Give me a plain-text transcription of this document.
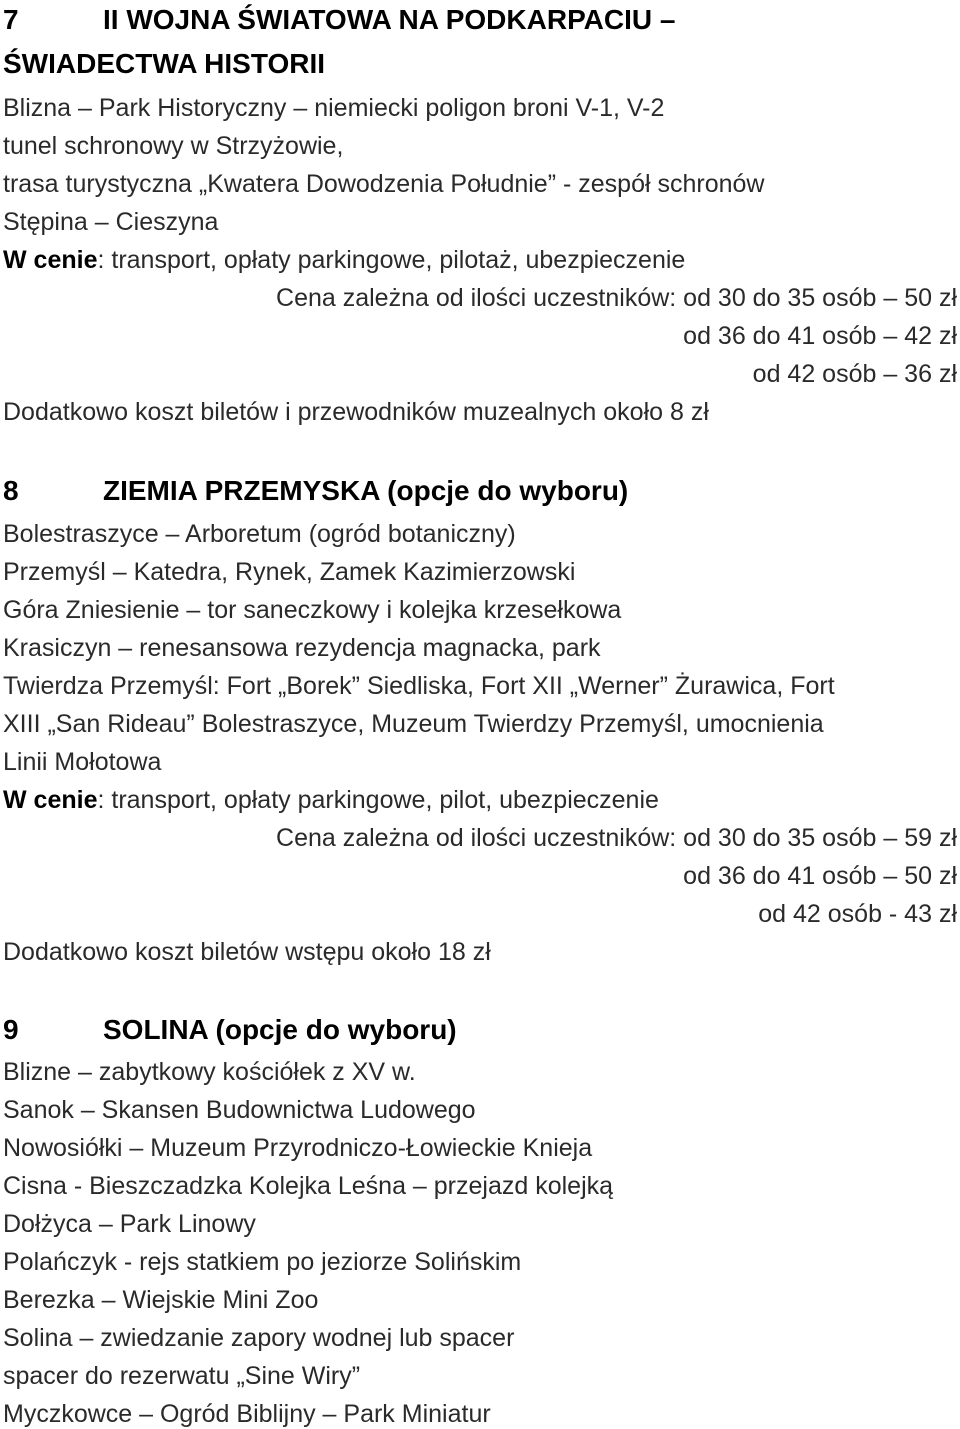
7	II WOJNA ŚWIATOWA NA PODKARPACIU –
ŚWIADECTWA HISTORII
Blizna – Park Historyczny – niemiecki poligon broni V-1, V-2
tunel schronowy w Strzyżowie,
trasa turystyczna „Kwatera Dowodzenia Południe” - zespół schronów
Stępina – Cieszyna
W cenie: transport, opłaty parkingowe, pilotaż, ubezpieczenie
Cena zależna od ilości uczestników: od 30 do 35 osób – 50 zł
od 36 do 41 osób – 42 zł
od 42 osób – 36 zł
Dodatkowo koszt biletów i przewodników muzealnych około 8 zł
8	ZIEMIA PRZEMYSKA (opcje do wyboru)
Bolestraszyce – Arboretum (ogród botaniczny)
Przemyśl – Katedra, Rynek, Zamek Kazimierzowski
Góra Zniesienie – tor saneczkowy i kolejka krzesełkowa
Krasiczyn – renesansowa rezydencja magnacka, park
Twierdza Przemyśl: Fort „Borek” Siedliska, Fort XII „Werner” Żurawica, Fort
XIII „San Rideau” Bolestraszyce, Muzeum Twierdzy Przemyśl, umocnienia
Linii Mołotowa
W cenie: transport, opłaty parkingowe, pilot, ubezpieczenie
Cena zależna od ilości uczestników: od 30 do 35 osób – 59 zł
od 36 do 41 osób – 50 zł
od 42 osób - 43 zł
Dodatkowo koszt biletów wstępu około 18 zł
9	SOLINA (opcje do wyboru)
Blizne – zabytkowy kościółek z XV w.
Sanok – Skansen Budownictwa Ludowego
Nowosiółki – Muzeum Przyrodniczo-Łowieckie Knieja
Cisna - Bieszczadzka Kolejka Leśna – przejazd kolejką
Dołżyca – Park Linowy
Polańczyk - rejs statkiem po jeziorze Solińskim
Berezka – Wiejskie Mini Zoo
Solina – zwiedzanie zapory wodnej lub spacer
spacer do rezerwatu „Sine Wiry”
Myczkowce – Ogród Biblijny – Park Miniatur
